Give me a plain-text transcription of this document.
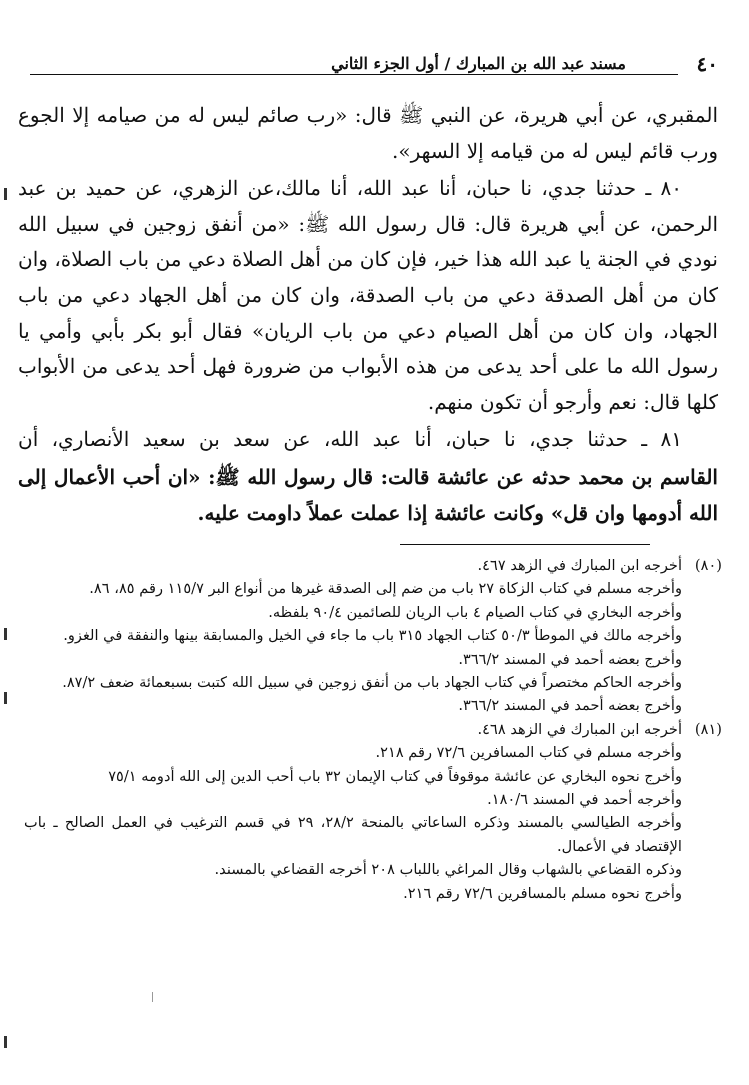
٤٠
مسند عبد الله بن المبارك / أول الجزء الثاني

المقبري، عن أبي هريرة، عن النبي ﷺ قال: «رب صائم ليس له من صيامه إلا الجوع ورب قائم ليس له من قيامه إلا السهر».

٨٠ ـ حدثنا جدي، نا حبان، أنا عبد الله، أنا مالك،عن الزهري، عن حميد بن عبد الرحمن، عن أبي هريرة قال: قال رسول الله ﷺ: «من أنفق زوجين في سبيل الله نودي في الجنة يا عبد الله هذا خير، فإن كان من أهل الصلاة دعي من باب الصلاة، وان كان من أهل الصدقة دعي من باب الصدقة، وان كان من أهل الجهاد دعي من باب الجهاد، وان كان من أهل الصيام دعي من باب الريان» فقال أبو بكر بأبي وأمي يا رسول الله ما على أحد يدعى من هذه الأبواب من ضرورة فهل أحد يدعى من الأبواب كلها قال: نعم وأرجو أن تكون منهم.

٨١ ـ حدثنا جدي، نا حبان، أنا عبد الله، عن سعد بن سعيد الأنصاري، أن

القاسم بن محمد حدثه عن عائشة قالت: قال رسول الله ﷺ: «ان أحب الأعمال إلى الله أدومها وان قل» وكانت عائشة إذا عملت عملاً داومت عليه.

(٨٠)أخرجه ابن المبارك في الزهد ٤٦٧.

وأخرجه مسلم في كتاب الزكاة ٢٧ باب من ضم إلى الصدقة غيرها من أنواع البر ١١٥/٧ رقم ٨٥، ٨٦.

وأخرجه البخاري في كتاب الصيام ٤ باب الريان للصائمين ٩٠/٤ بلفظه.

وأخرجه مالك في الموطأ ٥٠/٣ كتاب الجهاد ٣١٥ باب ما جاء في الخيل والمسابقة بينها والنفقة في الغزو.

وأخرج بعضه أحمد في المسند ٣٦٦/٢.

وأخرجه الحاكم مختصراً في كتاب الجهاد باب من أنفق زوجين في سبيل الله كتبت بسبعمائة ضعف ٨٧/٢.

وأخرج بعضه أحمد في المسند ٣٦٦/٢.

(٨١)أخرجه ابن المبارك في الزهد ٤٦٨.

وأخرجه مسلم في كتاب المسافرين ٧٢/٦ رقم ٢١٨.

وأخرج نحوه البخاري عن عائشة موقوفاً في كتاب الإيمان ٣٢ باب أحب الدين إلى الله أدومه ٧٥/١

وأخرجه أحمد في المسند ١٨٠/٦.

وأخرجه الطيالسي بالمسند وذكره الساعاتي بالمنحة ٢٨/٢، ٢٩ في قسم الترغيب في العمل الصالح ـ باب الإقتصاد في الأعمال.

وذكره القضاعي بالشهاب وقال المراغي باللباب ٢٠٨ أخرجه القضاعي بالمسند.

وأخرج نحوه مسلم بالمسافرين ٧٢/٦ رقم ٢١٦.
